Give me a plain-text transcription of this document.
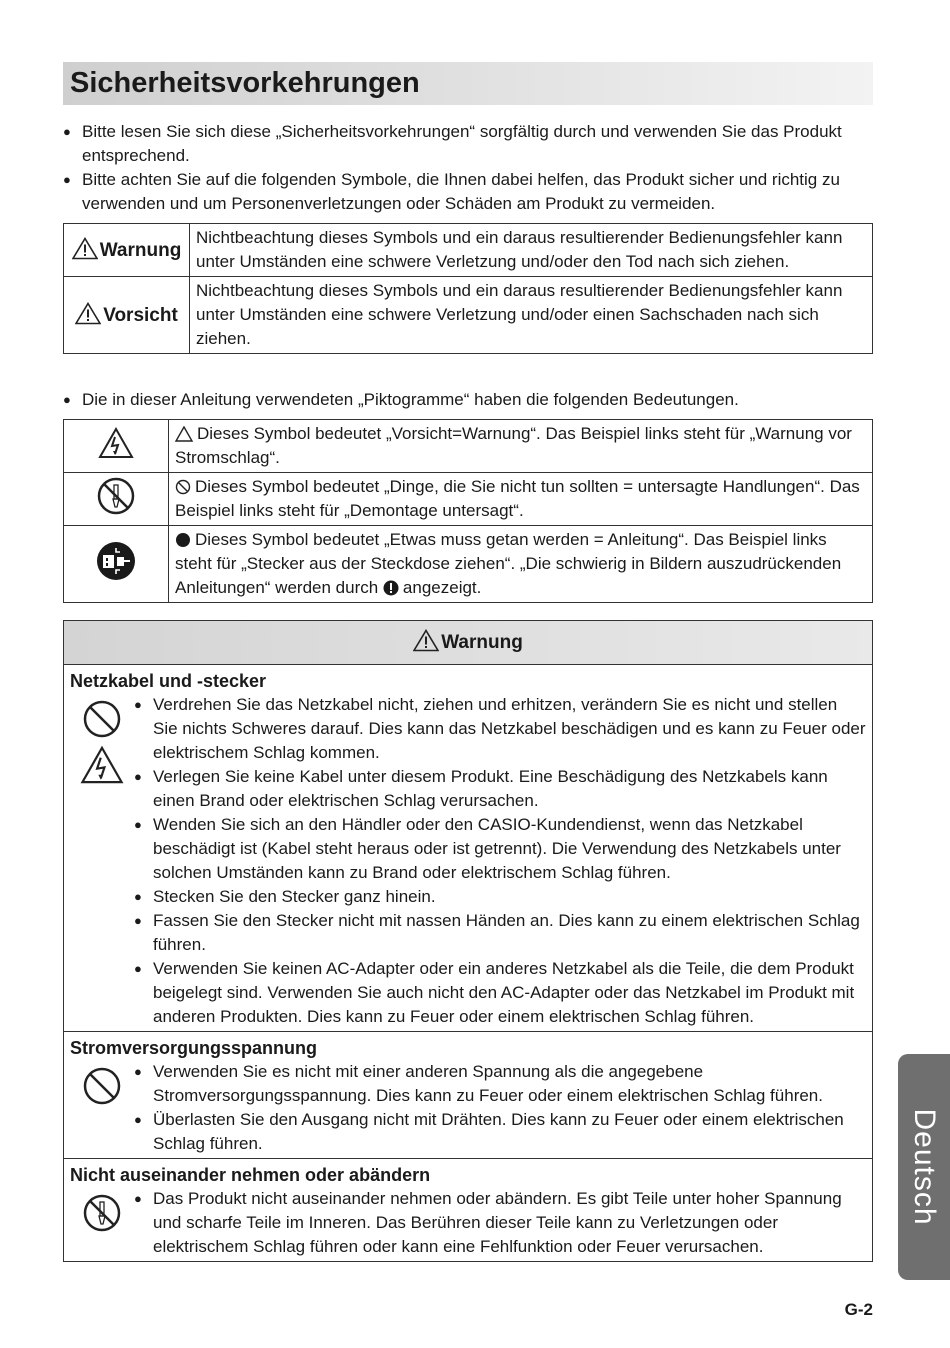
Sicherheitsvorkehrungen
● Bitte lesen Sie sich diese „Sicherheitsvorkehrungen“ sorgfältig durch und verwenden Sie das Produkt entsprechend.
● Bitte achten Sie auf die folgenden Symbole, die Ihnen dabei helfen, das Produkt sicher und richtig zu verwenden und um Personenverletzungen oder Schäden am Produkt zu vermeiden.
Warnung	Nichtbeachtung dieses Symbols und ein daraus resultierender Bedienungsfehler kann unter Umständen eine schwere Verletzung und/oder den Tod nach sich ziehen.
Vorsicht	Nichtbeachtung dieses Symbols und ein daraus resultierender Bedienungsfehler kann unter Umständen eine schwere Verletzung und/oder einen Sachschaden nach sich ziehen.
● Die in dieser Anleitung verwendeten „Piktogramme“ haben die folgenden Bedeutungen.
	Dieses Symbol bedeutet „Vorsicht=Warnung“. Das Beispiel links steht für „Warnung vor Stromschlag“.
	Dieses Symbol bedeutet „Dinge, die Sie nicht tun sollten = untersagte Handlungen“. Das Beispiel links steht für „Demontage untersagt“.
	Dieses Symbol bedeutet „Etwas muss getan werden = Anleitung“. Das Beispiel links steht für „Stecker aus der Steckdose ziehen“. „Die schwierig in Bildern auszudrückenden Anleitungen“ werden durch angezeigt.
Warnung
Netzkabel und -stecker
● Verdrehen Sie das Netzkabel nicht, ziehen und erhitzen, verändern Sie es nicht und stellen Sie nichts Schweres darauf. Dies kann das Netzkabel beschädigen und es kann zu Feuer oder elektrischem Schlag kommen.
● Verlegen Sie keine Kabel unter diesem Produkt. Eine Beschädigung des Netzkabels kann einen Brand oder elektrischen Schlag verursachen.
● Wenden Sie sich an den Händler oder den CASIO-Kundendienst, wenn das Netzkabel beschädigt ist (Kabel steht heraus oder ist getrennt). Die Verwendung des Netzkabels unter solchen Umständen kann zu Brand oder elektrischem Schlag führen.
● Stecken Sie den Stecker ganz hinein.
● Fassen Sie den Stecker nicht mit nassen Händen an. Dies kann zu einem elektrischen Schlag führen.
● Verwenden Sie keinen AC-Adapter oder ein anderes Netzkabel als die Teile, die dem Produkt beigelegt sind. Verwenden Sie auch nicht den AC-Adapter oder das Netzkabel im Produkt mit anderen Produkten. Dies kann zu Feuer oder einem elektrischen Schlag führen.
Stromversorgungsspannung
● Verwenden Sie es nicht mit einer anderen Spannung als die angegebene Stromversorgungsspannung. Dies kann zu Feuer oder einem elektrischen Schlag führen.
● Überlasten Sie den Ausgang nicht mit Drähten. Dies kann zu Feuer oder einem elektrischen Schlag führen.
Nicht auseinander nehmen oder abändern
● Das Produkt nicht auseinander nehmen oder abändern. Es gibt Teile unter hoher Spannung und scharfe Teile im Inneren. Das Berühren dieser Teile kann zu Verletzungen oder elektrischem Schlag führen oder kann eine Fehlfunktion oder Feuer verursachen.
Deutsch
G-2
